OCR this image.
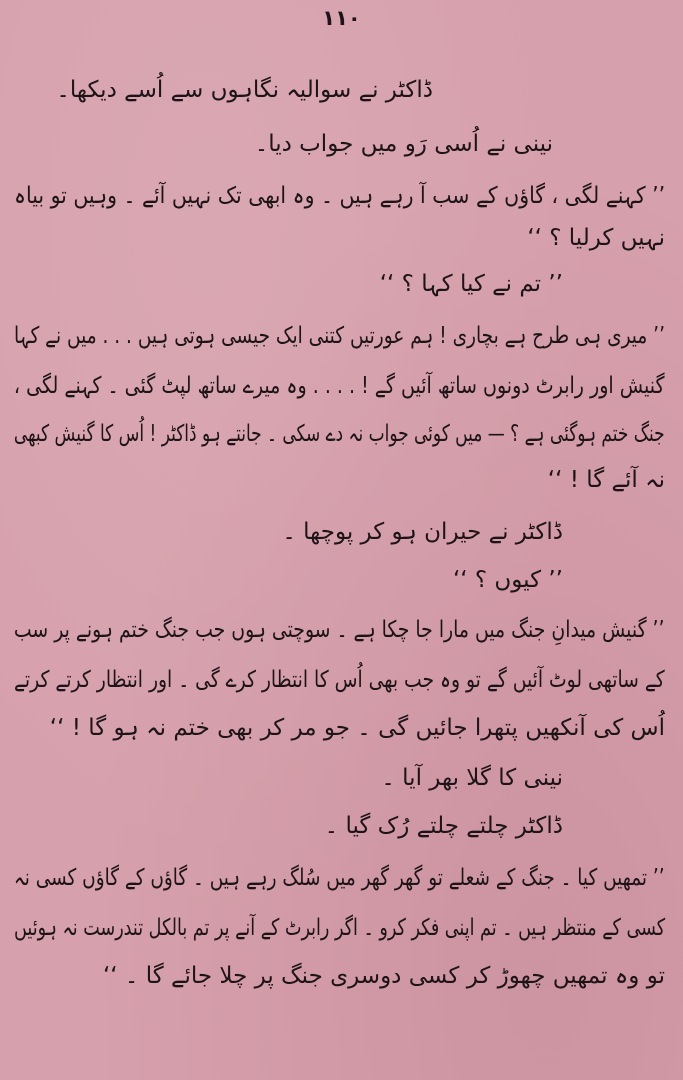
۱۱۰
ڈاکٹر نے سوالیہ نگاہوں سے اُسے دیکھا۔
نینی نے اُسی رَو میں جواب دیا۔
’’ کہنے لگی ، گاؤں کے سب آ رہے ہیں ۔ وہ ابھی تک نہیں آئے ۔ وہیں تو بیاہ
نہیں کرلیا ؟ ‘‘
’’ تم نے کیا کہا ؟ ‘‘
’’ میری ہی طرح ہے بچاری ! ہم عورتیں کتنی ایک جیسی ہوتی ہیں . . . میں نے کہا
گنیش اور رابرٹ دونوں ساتھ آئیں گے ! . . . . وہ میرے ساتھ لپٹ گئی ۔ کہنے لگی ،
جنگ ختم ہوگئی ہے ؟ — میں کوئی جواب نہ دے سکی ۔ جانتے ہو ڈاکٹر ! اُس کا گنیش کبھی
نہ آئے گا ! ‘‘
ڈاکٹر نے حیران ہو کر پوچھا ۔
’’ کیوں ؟ ‘‘
’’ گنیش میدانِ جنگ میں مارا جا چکا ہے ۔ سوچتی ہوں جب جنگ ختم ہونے پر سب
کے ساتھی لوٹ آئیں گے تو وہ جب بھی اُس کا انتظار کرے گی ۔ اور انتظار کرتے کرتے
اُس کی آنکھیں پتھرا جائیں گی ۔ جو مر کر بھی ختم نہ ہو گا ! ‘‘
نینی کا گلا بھر آیا ۔
ڈاکٹر چلتے چلتے رُک گیا ۔
’’ تمھیں کیا ۔ جنگ کے شعلے تو گھر گھر میں سُلگ رہے ہیں ۔ گاؤں کے گاؤں کسی نہ
کسی کے منتظر ہیں ۔ تم اپنی فکر کرو ۔ اگر رابرٹ کے آنے پر تم بالکل تندرست نہ ہوئیں
تو وہ تمھیں چھوڑ کر کسی دوسری جنگ پر چلا جائے گا ۔ ‘‘
